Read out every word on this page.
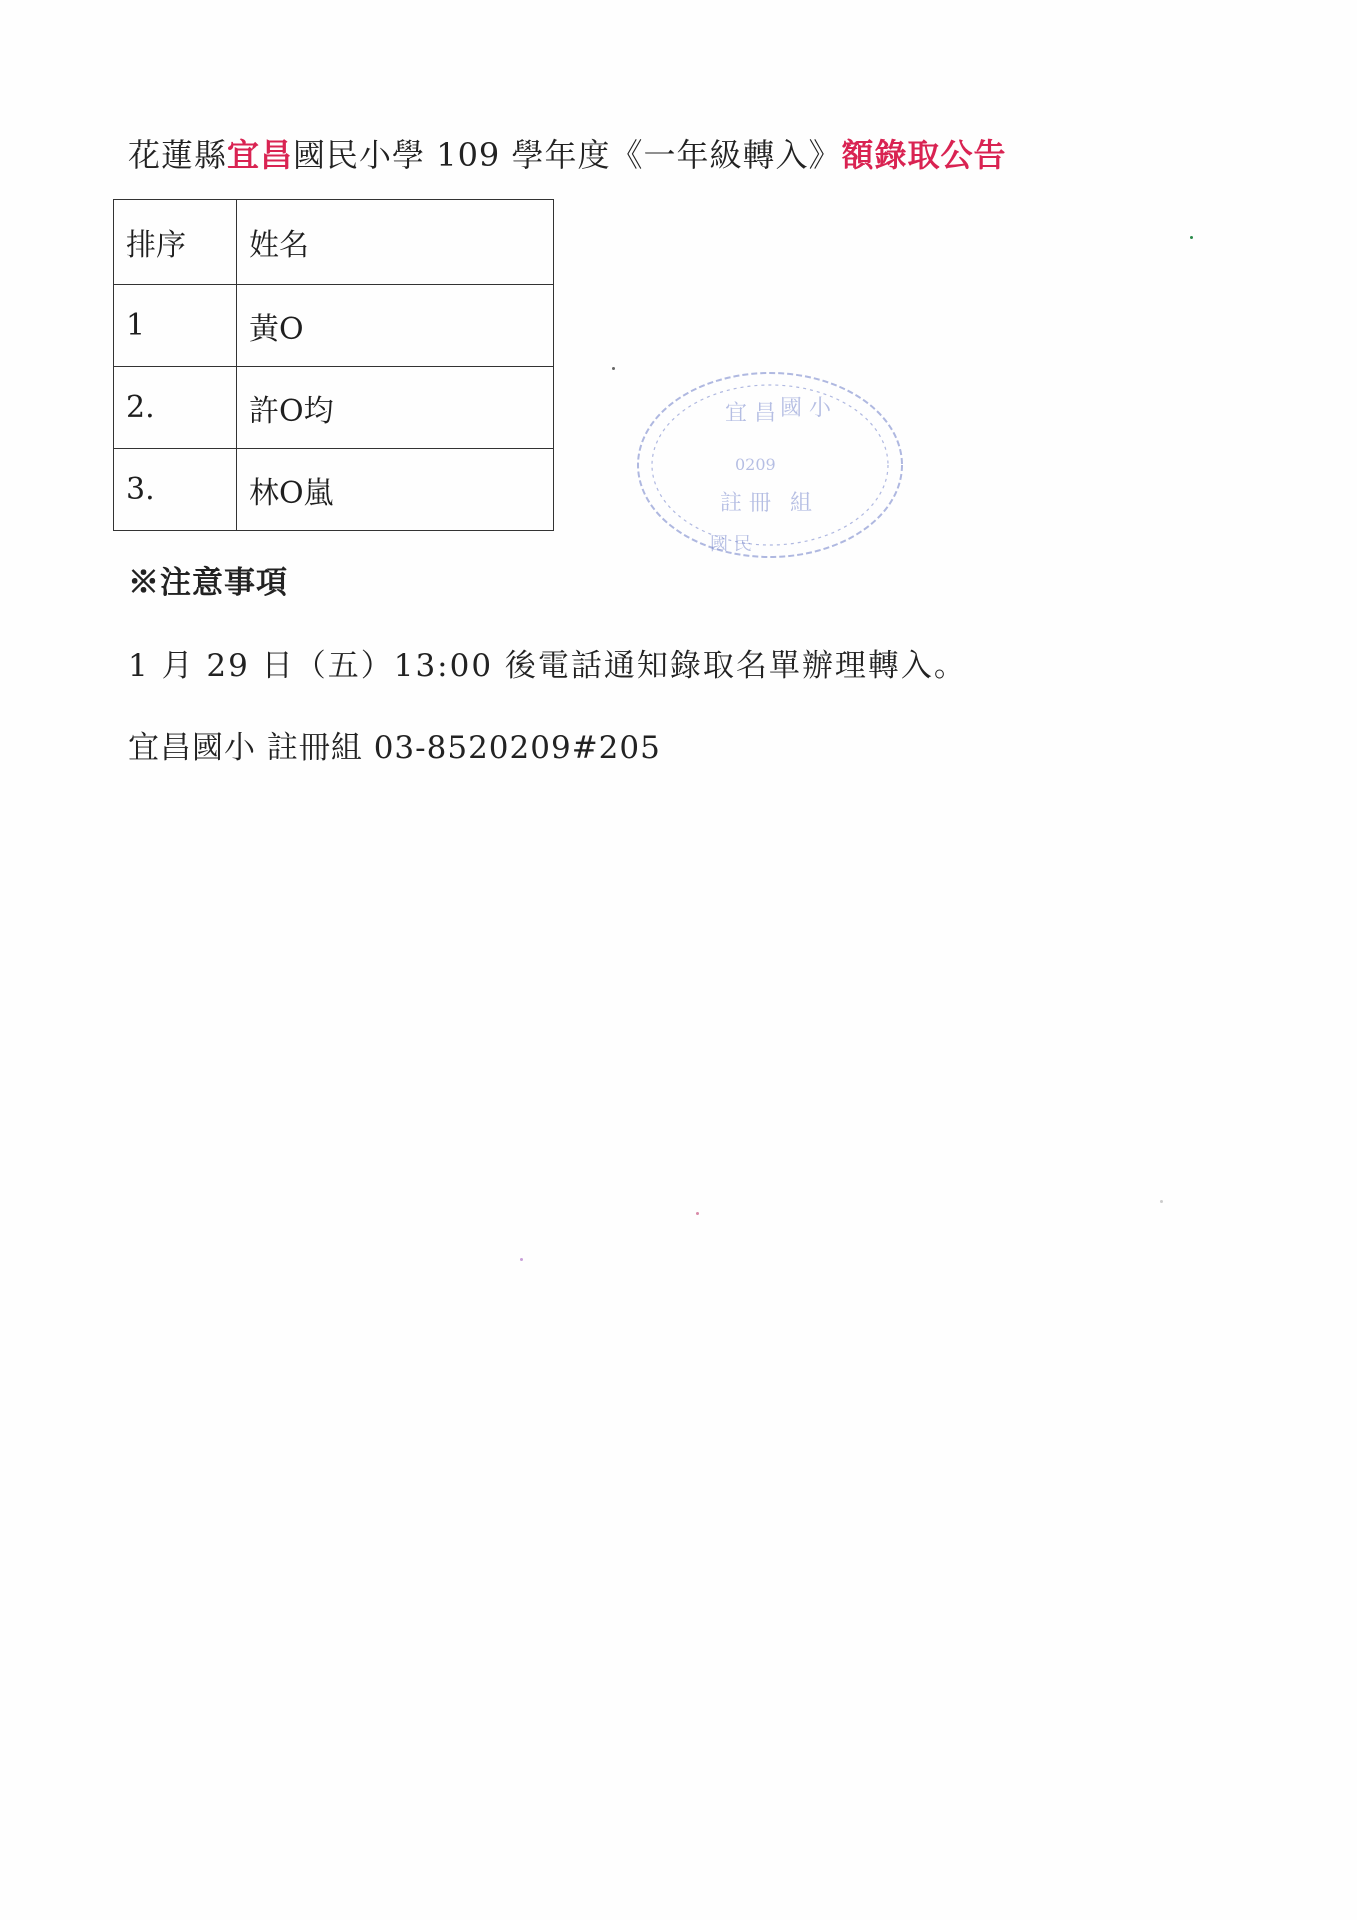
花蓮縣宜昌國民小學 109 學年度《一年級轉入》額錄取公告
排序	姓名
1	黃O
2.	許O均
3.	林O嵐
宜 昌 國 小
0209
註 冊 組
國 民
※注意事項
1 月 29 日（五）13:00 後電話通知錄取名單辦理轉入。
宜昌國小 註冊組 03-8520209#205
